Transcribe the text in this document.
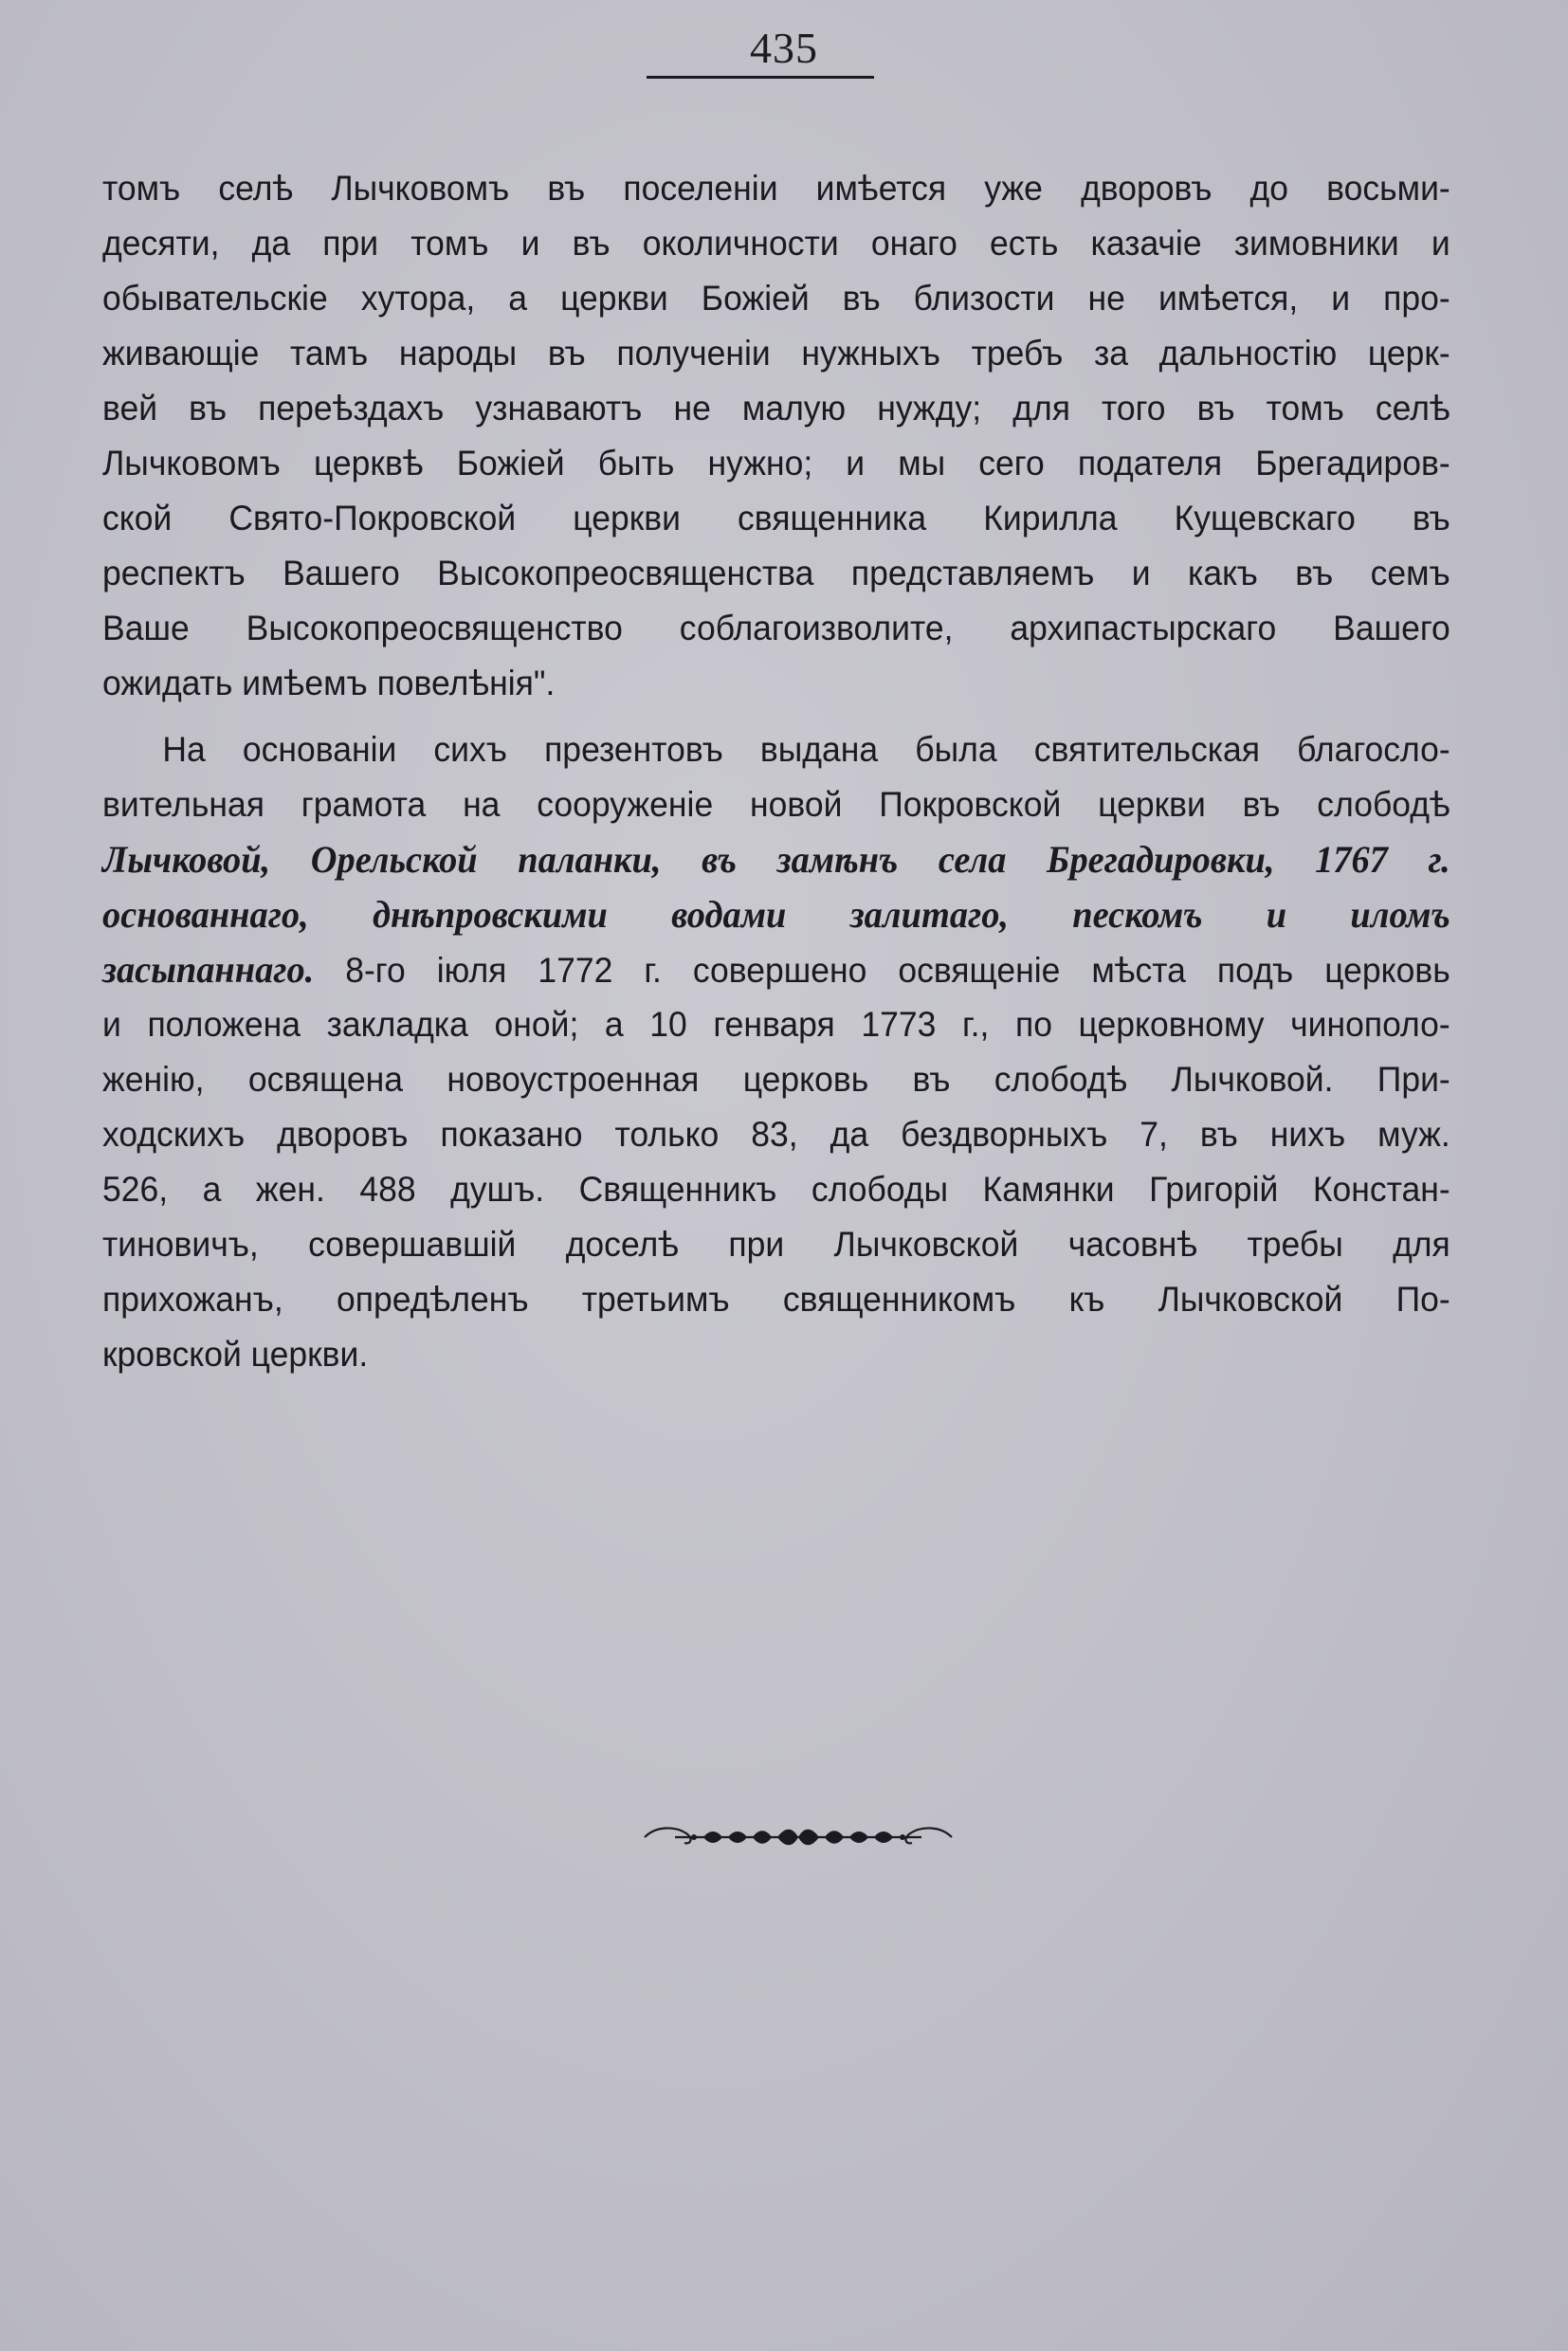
435
томъ селѣ Лычковомъ въ поселеніи имѣется уже дворовъ до восьми-
десяти, да при томъ и въ околичности онаго есть казачіе зимовники и
обывательскіе хутора, а церкви Божіей въ близости не имѣется, и про-
живающіе тамъ народы въ полученіи нужныхъ требъ за дальностію церк-
вей въ переѣздахъ узнаваютъ не малую нужду; для того въ томъ селѣ
Лычковомъ церквѣ Божіей быть нужно; и мы сего подателя Брегадиров-
ской Свято-Покровской церкви священника Кирилла Кущевскаго въ
респектъ Вашего Высокопреосвященства представляемъ и какъ въ семъ
Ваше Высокопреосвященство соблагоизволите, архипастырскаго Вашего
ожидать имѣемъ повелѣнія".
На основаніи сихъ презентовъ выдана была святительская благосло-
вительная грамота на сооруженіе новой Покровской церкви въ слободѣ
Лычковой, Орельской паланки, въ замѣнъ села Брегадировки, 1767 г.
основаннаго, днѣпровскими водами залитаго, пескомъ и иломъ
засыпаннаго. 8-го іюля 1772 г. совершено освященіе мѣста подъ церковь
и положена закладка оной; а 10 генваря 1773 г., по церковному чинополо-
женію, освящена новоустроенная церковь въ слободѣ Лычковой. При-
ходскихъ дворовъ показано только 83, да бездворныхъ 7, въ нихъ муж.
526, а жен. 488 душъ. Священникъ слободы Камянки Григорій Констан-
тиновичъ, совершавшій доселѣ при Лычковской часовнѣ требы для
прихожанъ, опредѣленъ третьимъ священникомъ къ Лычковской По-
кровской церкви.
